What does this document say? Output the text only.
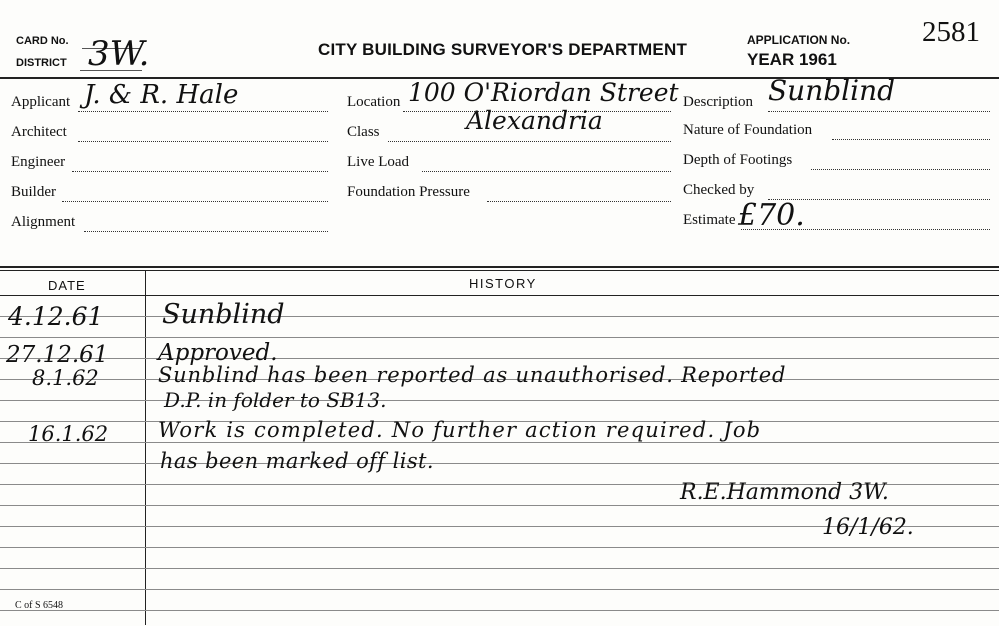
CARD No.
DISTRICT 3W.	CITY BUILDING SURVEYOR'S DEPARTMENT	APPLICATION No. 2581
YEAR 1961
Applicant J. & R. Hale
Architect
Engineer
Builder
Alignment
Location 100 O'Riordan Street
Class	Alexandria
Live Load
Foundation Pressure
Description Sunblind
Nature of Foundation
Depth of Footings
Checked by
Estimate £70.
DATE	HISTORY
4.12.61 Sunblind
27.12.61 Approved.
8.1.62	Sunblind has been reported as unauthorised. Reported
D.P. in folder to SB13.
16.1.62 Work is completed. No further action required. Job
has been marked off list.
R.E.Hammond 3W.
16/1/62.
C of S 6548
